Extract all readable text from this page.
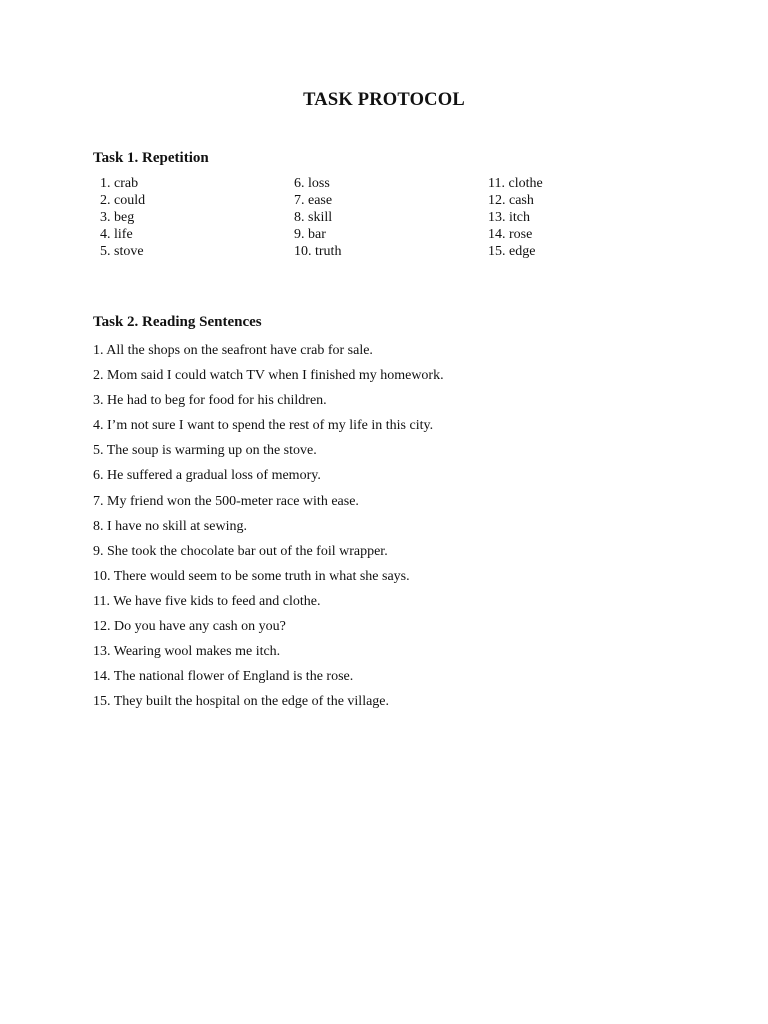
TASK PROTOCOL
Task 1. Repetition
1. crab
2. could
3. beg
4. life
5. stove
6. loss
7. ease
8. skill
9. bar
10. truth
11. clothe
12. cash
13. itch
14. rose
15. edge
Task 2. Reading Sentences
1. All the shops on the seafront have crab for sale.
2. Mom said I could watch TV when I finished my homework.
3. He had to beg for food for his children.
4. I’m not sure I want to spend the rest of my life in this city.
5. The soup is warming up on the stove.
6. He suffered a gradual loss of memory.
7. My friend won the 500-meter race with ease.
8. I have no skill at sewing.
9. She took the chocolate bar out of the foil wrapper.
10. There would seem to be some truth in what she says.
11. We have five kids to feed and clothe.
12. Do you have any cash on you?
13. Wearing wool makes me itch.
14. The national flower of England is the rose.
15. They built the hospital on the edge of the village.
